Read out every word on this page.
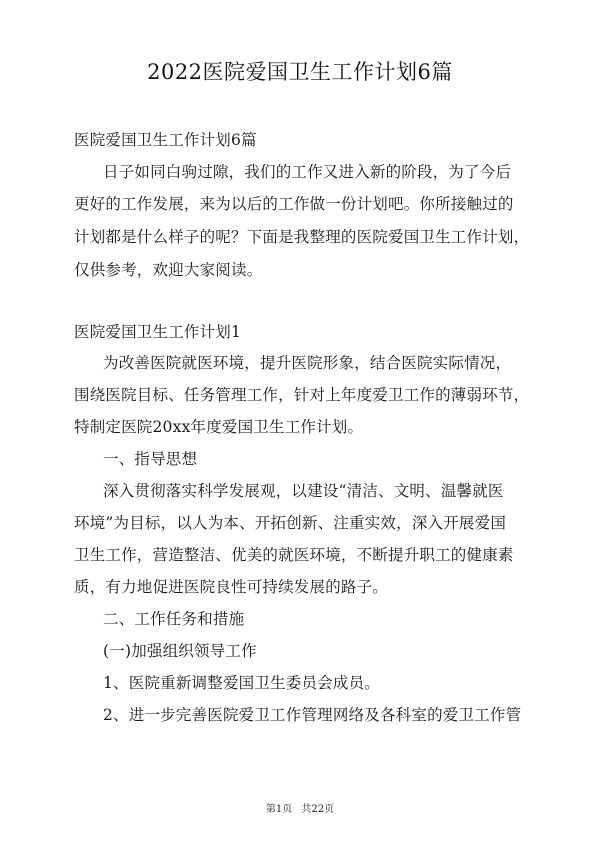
2022医院爱国卫生工作计划6篇
医院爱国卫生工作计划6篇
日子如同白驹过隙，我们的工作又进入新的阶段，为了今后
更好的工作发展，来为以后的工作做一份计划吧。你所接触过的
计划都是什么样子的呢？下面是我整理的医院爱国卫生工作计划，
仅供参考，欢迎大家阅读。
医院爱国卫生工作计划1
为改善医院就医环境，提升医院形象，结合医院实际情况，
围绕医院目标、任务管理工作，针对上年度爱卫工作的薄弱环节，
特制定医院20xx年度爱国卫生工作计划。
一、指导思想
深入贯彻落实科学发展观，以建设“清洁、文明、温馨就医
环境”为目标，以人为本、开拓创新、注重实效，深入开展爱国
卫生工作，营造整洁、优美的就医环境，不断提升职工的健康素
质，有力地促进医院良性可持续发展的路子。
二、工作任务和措施
(一)加强组织领导工作
1、医院重新调整爱国卫生委员会成员。
2、进一步完善医院爱卫工作管理网络及各科室的爱卫工作管
第1页 共22页
